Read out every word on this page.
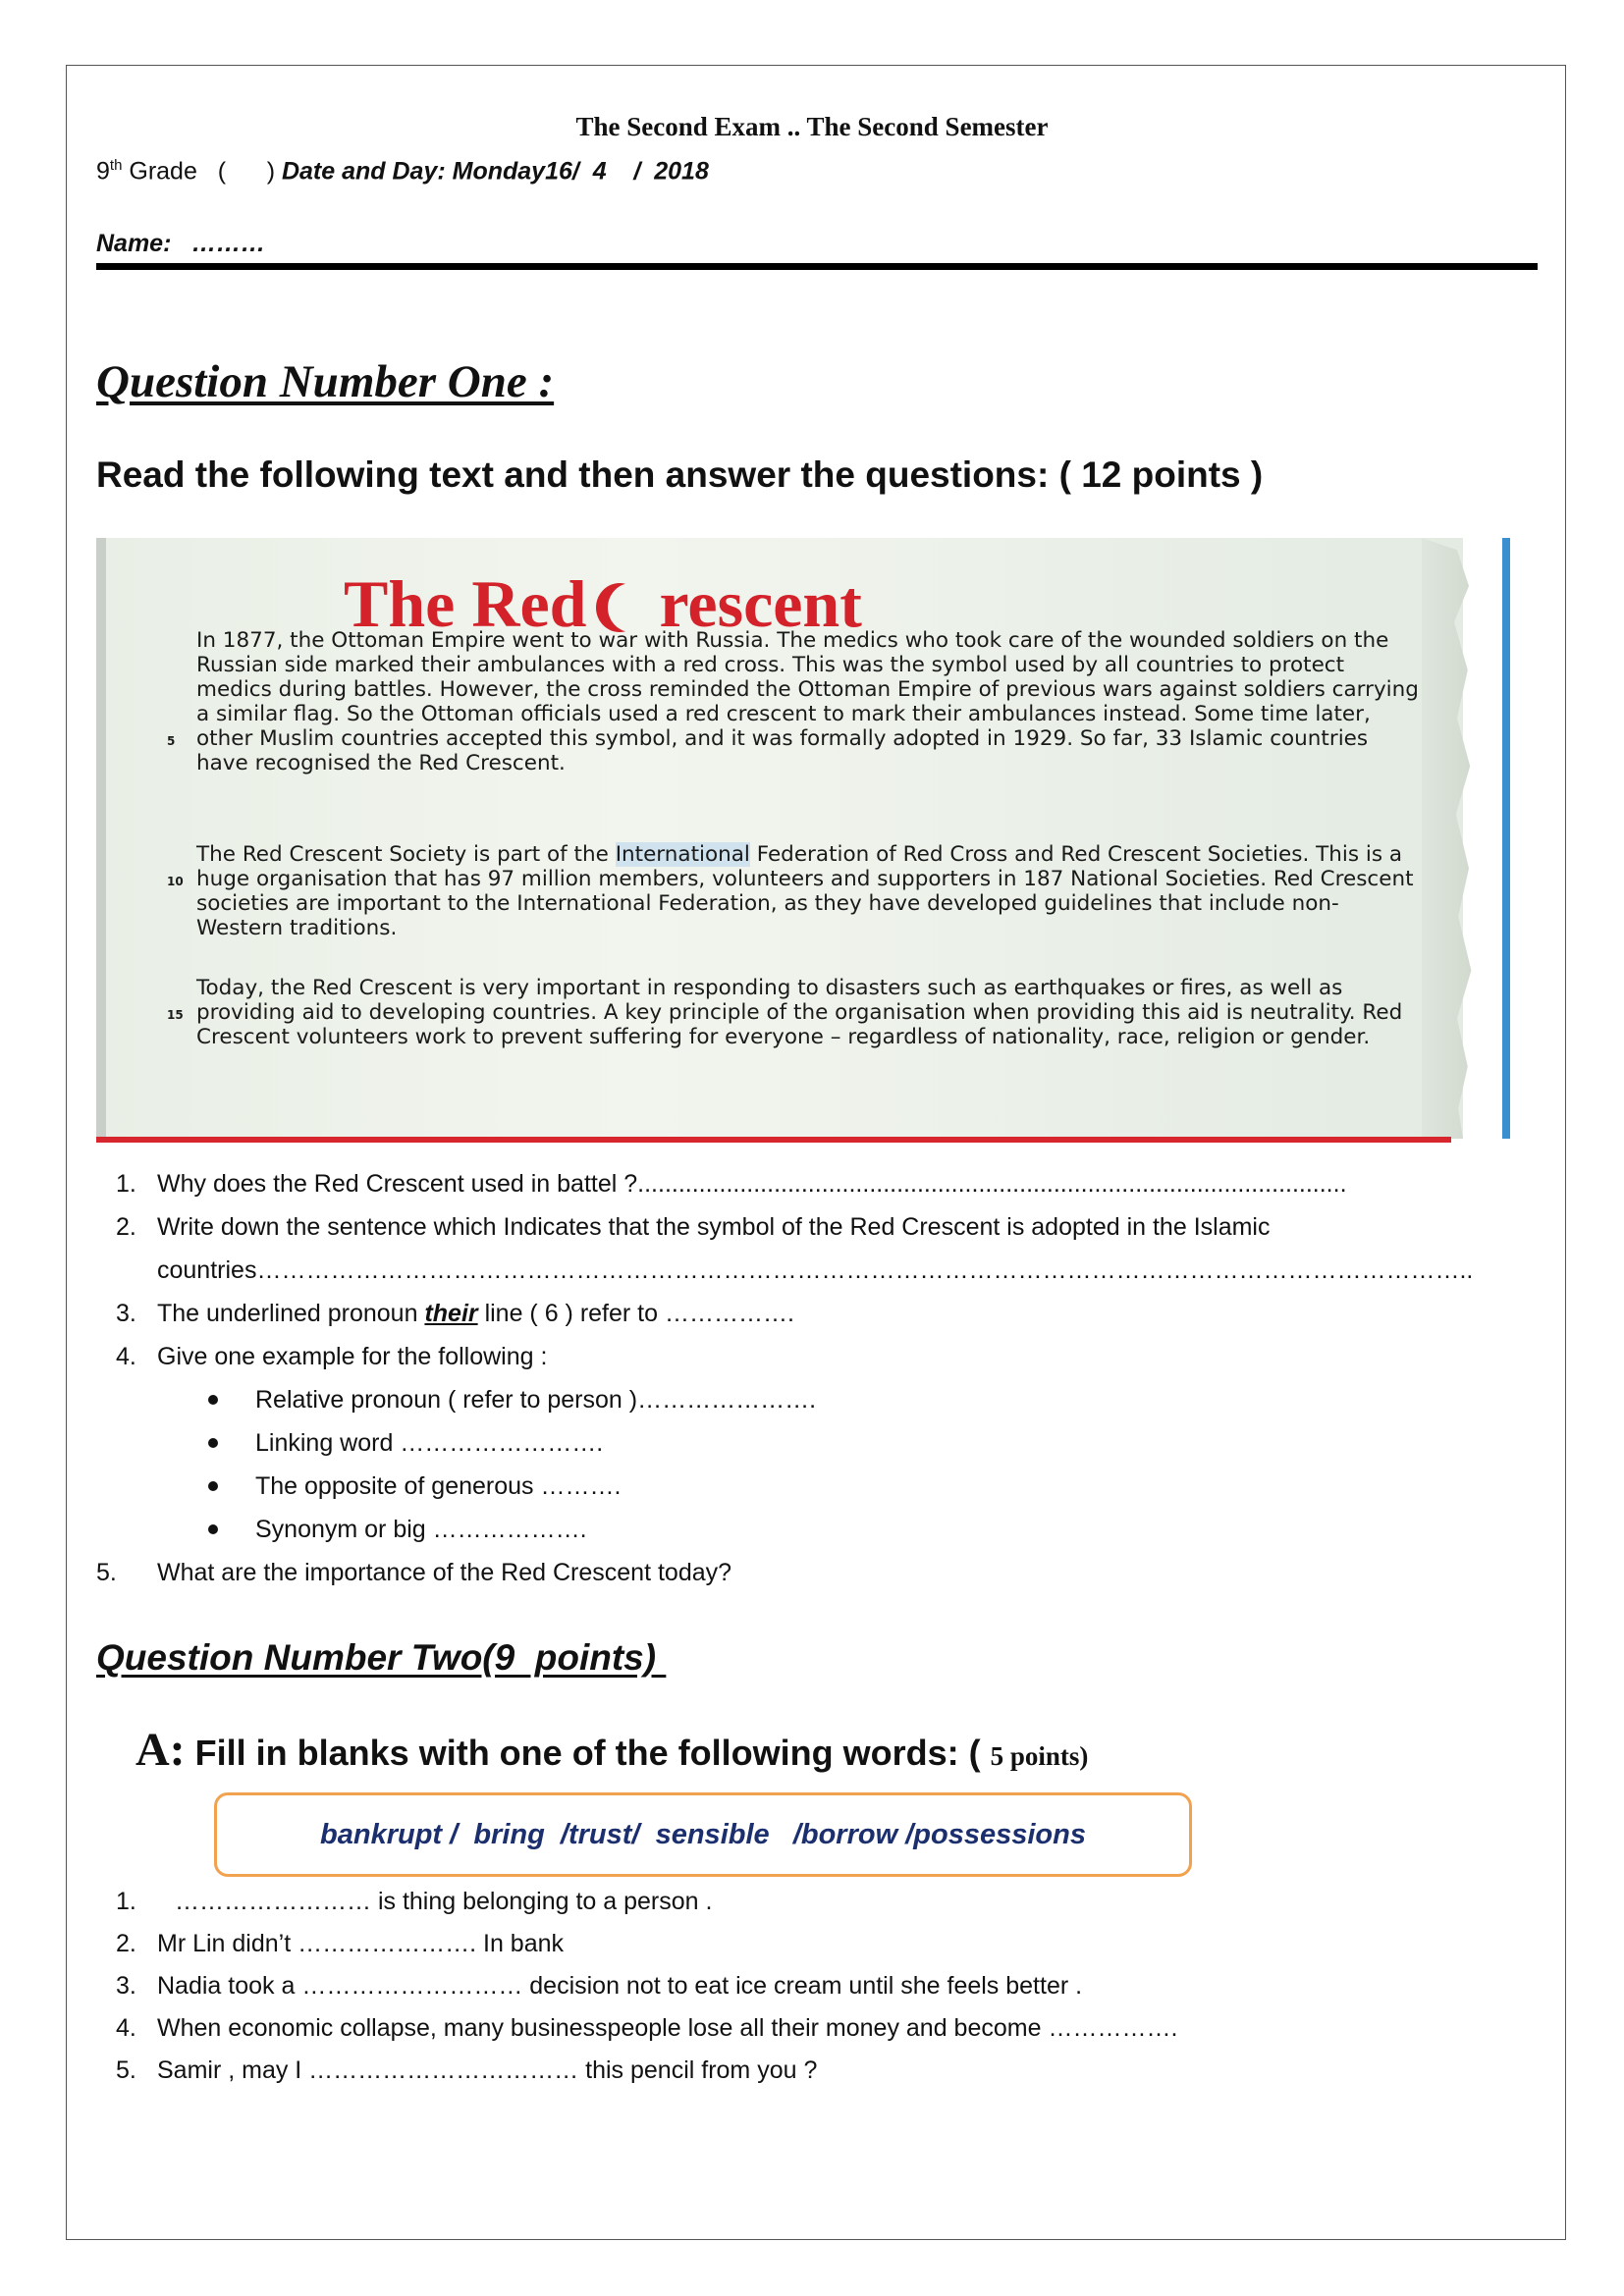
The Second Exam .. The Second Semester
9th Grade   (      ) Date and Day: Monday16/  4    /  2018
Name:   ………
Question Number One :
Read the following text and then answer the questions: ( 12 points )
The Red rescent
5
In 1877, the Ottoman Empire went to war with Russia. The medics who took care of the wounded soldiers on the Russian side marked their ambulances with a red cross. This was the symbol used by all countries to protect medics during battles. However, the cross reminded the Ottoman Empire of previous wars against soldiers carrying a similar flag. So the Ottoman officials used a red crescent to mark their ambulances instead. Some time later, other Muslim countries accepted this symbol, and it was formally adopted in 1929. So far, 33 Islamic countries have recognised the Red Crescent.
10
The Red Crescent Society is part of the International Federation of Red Cross and Red Crescent Societies. This is a huge organisation that has 97 million members, volunteers and supporters in 187 National Societies. Red Crescent societies are important to the International Federation, as they have developed guidelines that include non-Western traditions.
15
Today, the Red Crescent is very important in responding to disasters such as earthquakes or fires, as well as providing aid to developing countries. A key principle of the organisation when providing this aid is neutrality. Red Crescent volunteers work to prevent suffering for everyone – regardless of nationality, race, religion or gender.
1. Why does the Red Crescent used in battel ?........................................................................................................
2. Write down the sentence which Indicates that the symbol of the Red Crescent is adopted in the Islamic countries…………………………………………………………………………………………………………………………………..
3. The underlined pronoun their line ( 6 ) refer to …………….
4. Give one example for the following :
Relative pronoun ( refer to person )………………….
Linking word …………………….
The opposite of generous ……….
Synonym or big ……………….
5. What are the importance of the Red Crescent today?
Question Number Two(9  points)
A: Fill in blanks with one of the following words: ( 5 points)
bankrupt /  bring  /trust/  sensible   /borrow /possessions
1. …………………… is thing belonging to a person .
2. Mr Lin didn’t …………………. In bank
3. Nadia took a ……………………… decision not to eat ice cream until she feels better .
4. When economic collapse, many businesspeople lose all their money and become …………….
5. Samir , may I …………………………… this pencil from you ?
